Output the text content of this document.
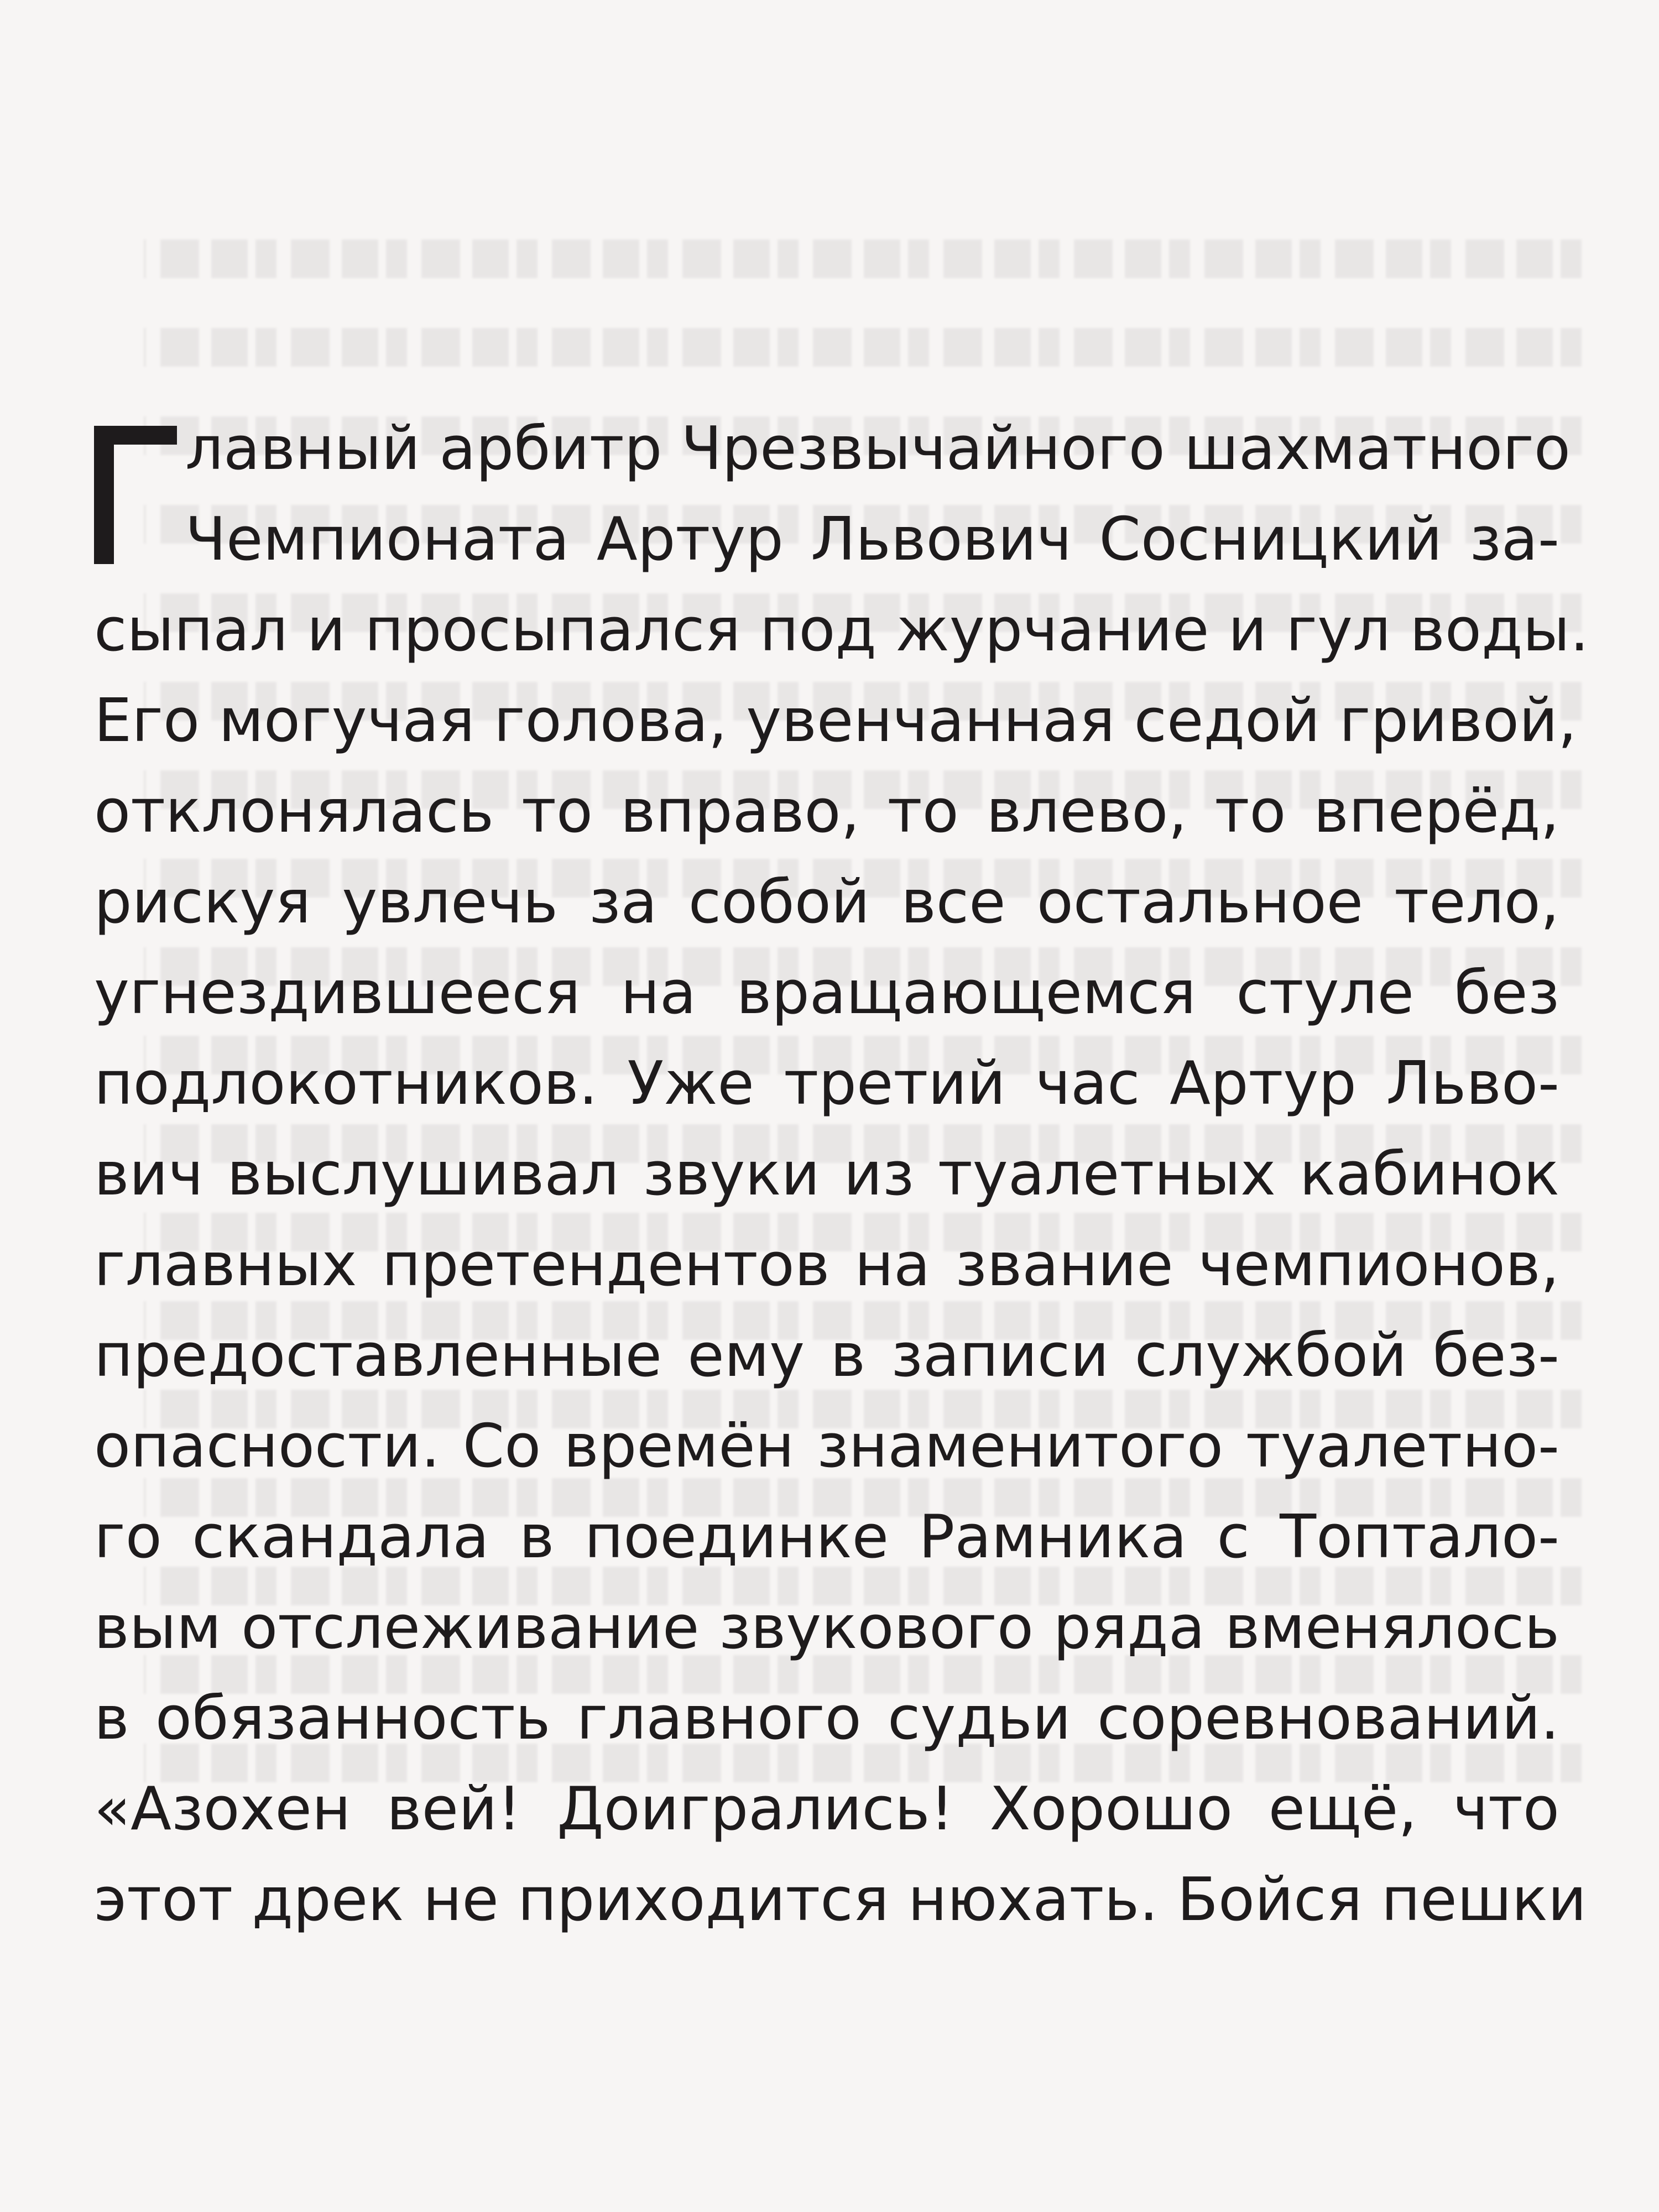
лавный арбитр Чрезвычайного шахматного
Чемпионата Артур Львович Сосницкий за-
сыпал и просыпался под журчание и гул воды.
Его могучая голова, увенчанная седой гривой,
отклонялась то вправо, то влево, то вперёд,
рискуя увлечь за собой все остальное тело,
угнездившееся на вращающемся стуле без
подлокотников. Уже третий час Артур Льво-
вич выслушивал звуки из туалетных кабинок
главных претендентов на звание чемпионов,
предоставленные ему в записи службой без-
опасности. Со времён знаменитого туалетно-
го скандала в поединке Рамника с Топтало-
вым отслеживание звукового ряда вменялось
в обязанность главного судьи соревнований.
«Азохен вей! Доигрались! Хорошо ещё, что
этот дрек не приходится нюхать. Бойся пешки
